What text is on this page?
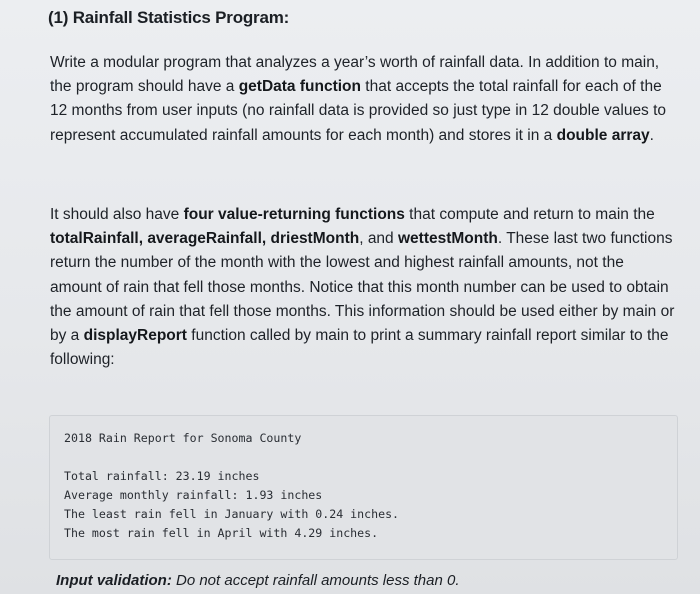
(1) Rainfall Statistics Program:

Write a modular program that analyzes a year’s worth of rainfall data. In addition to main, the program should have a getData function that accepts the total rainfall for each of the 12 months from user inputs (no rainfall data is provided so just type in 12 double values to represent accumulated rainfall amounts for each month) and stores it in a double array.

It should also have four value-returning functions that compute and return to main the totalRainfall, averageRainfall, driestMonth, and wettestMonth. These last two functions return the number of the month with the lowest and highest rainfall amounts, not the amount of rain that fell those months. Notice that this month number can be used to obtain the amount of rain that fell those months. This information should be used either by main or by a displayReport function called by main to print a summary rainfall report similar to the following:

2018 Rain Report for Sonoma County
Total rainfall: 23.19 inches
Average monthly rainfall: 1.93 inches
The least rain fell in January with 0.24 inches.
The most rain fell in April with 4.29 inches.
Input validation: Do not accept rainfall amounts less than 0.
